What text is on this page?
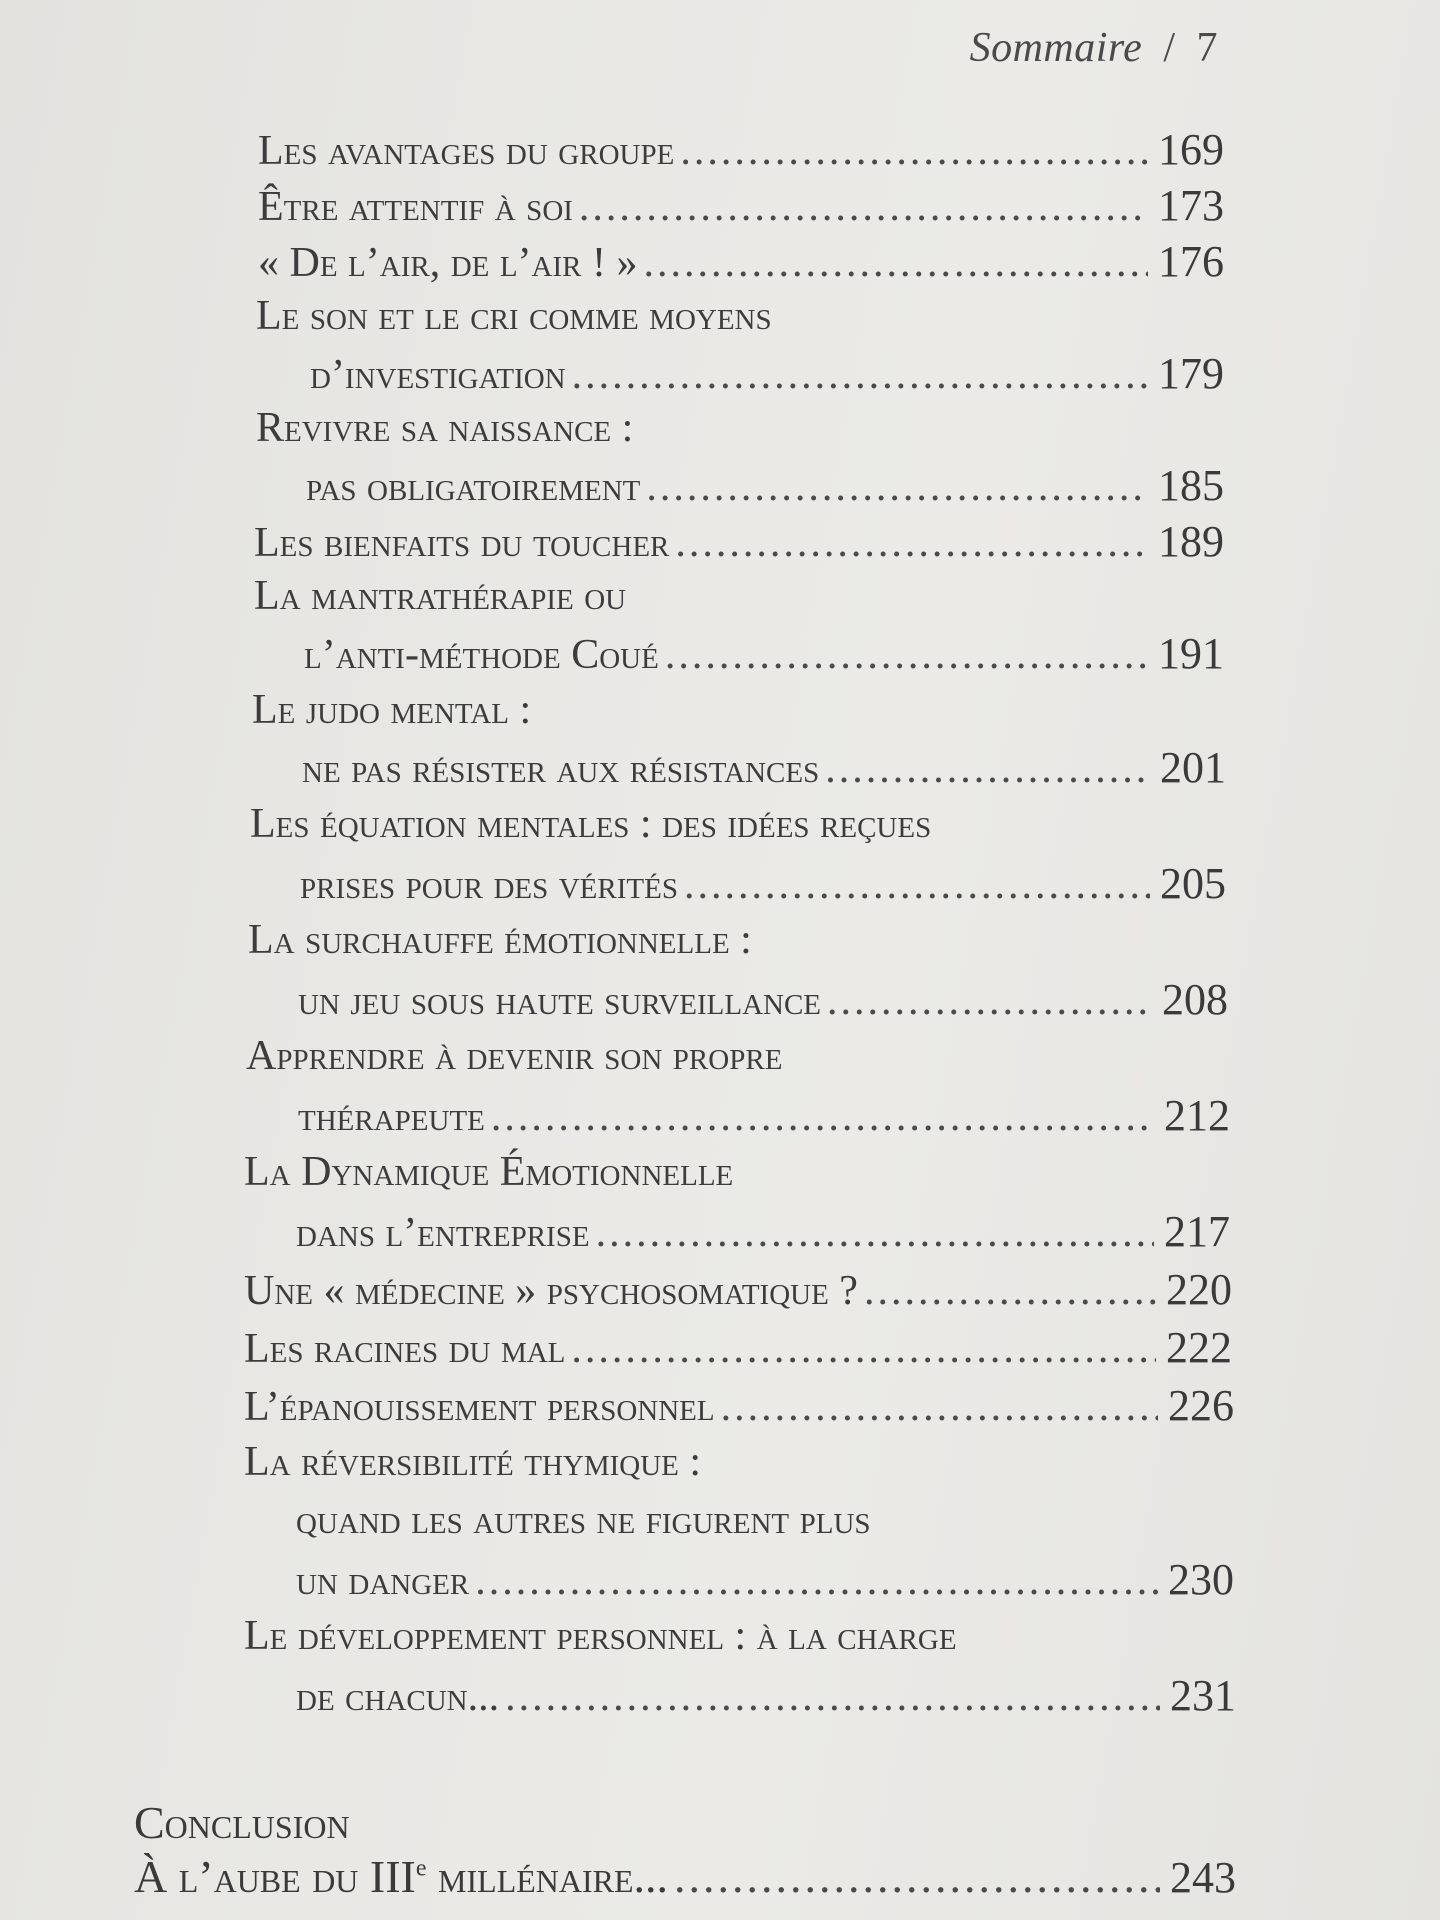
Sommaire / 7
Les avantages du groupe .....	169
Être attentif à soi .....	173
« De l’air, de l’air ! » .....	176
Le son et le cri comme moyens
d’investigation .....	179
Revivre sa naissance :
pas obligatoirement .....	185
Les bienfaits du toucher .....	189
La mantrathérapie ou
l’anti-méthode Coué .....	191
Le judo mental :
ne pas résister aux résistances .....	201
Les équation mentales : des idées reçues
prises pour des vérités .....	205
La surchauffe émotionnelle :
un jeu sous haute surveillance .....	208
Apprendre à devenir son propre
thérapeute .....	212
La Dynamique Émotionnelle
dans l’entreprise .....	217
Une « médecine » psychosomatique ? .....	220
Les racines du mal .....	222
L’épanouissement personnel .....	226
La réversibilité thymique :
quand les autres ne figurent plus
un danger .....	230
Le développement personnel : à la charge
de chacun... .....	231
Conclusion
À l’aube du IIIe millénaire... .....	243
